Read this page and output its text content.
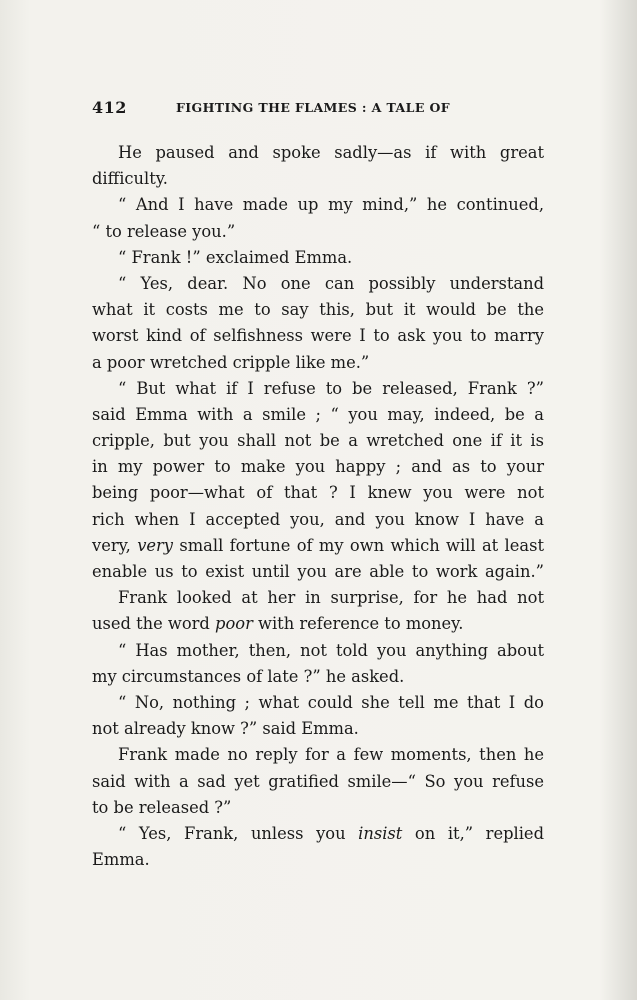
412	FIGHTING THE FLAMES : A TALE OF
He paused and spoke sadly—as if with great
difficulty.
“ And I have made up my mind,” he continued,
“ to release you.”
“ Frank !” exclaimed Emma.
“ Yes, dear. No one can possibly understand
what it costs me to say this, but it would be the
worst kind of selfishness were I to ask you to marry
a poor wretched cripple like me.”
“ But what if I refuse to be released, Frank ?”
said Emma with a smile ; “ you may, indeed, be a
cripple, but you shall not be a wretched one if it is
in my power to make you happy ; and as to your
being poor—what of that ? I knew you were not
rich when I accepted you, and you know I have a
very, very small fortune of my own which will at least
enable us to exist until you are able to work again.”
Frank looked at her in surprise, for he had not
used the word poor with reference to money.
“ Has mother, then, not told you anything about
my circumstances of late ?” he asked.
“ No, nothing ; what could she tell me that I do
not already know ?” said Emma.
Frank made no reply for a few moments, then he
said with a sad yet gratified smile—“ So you refuse
to be released ?”
“ Yes, Frank, unless you insist on it,” replied
Emma.
